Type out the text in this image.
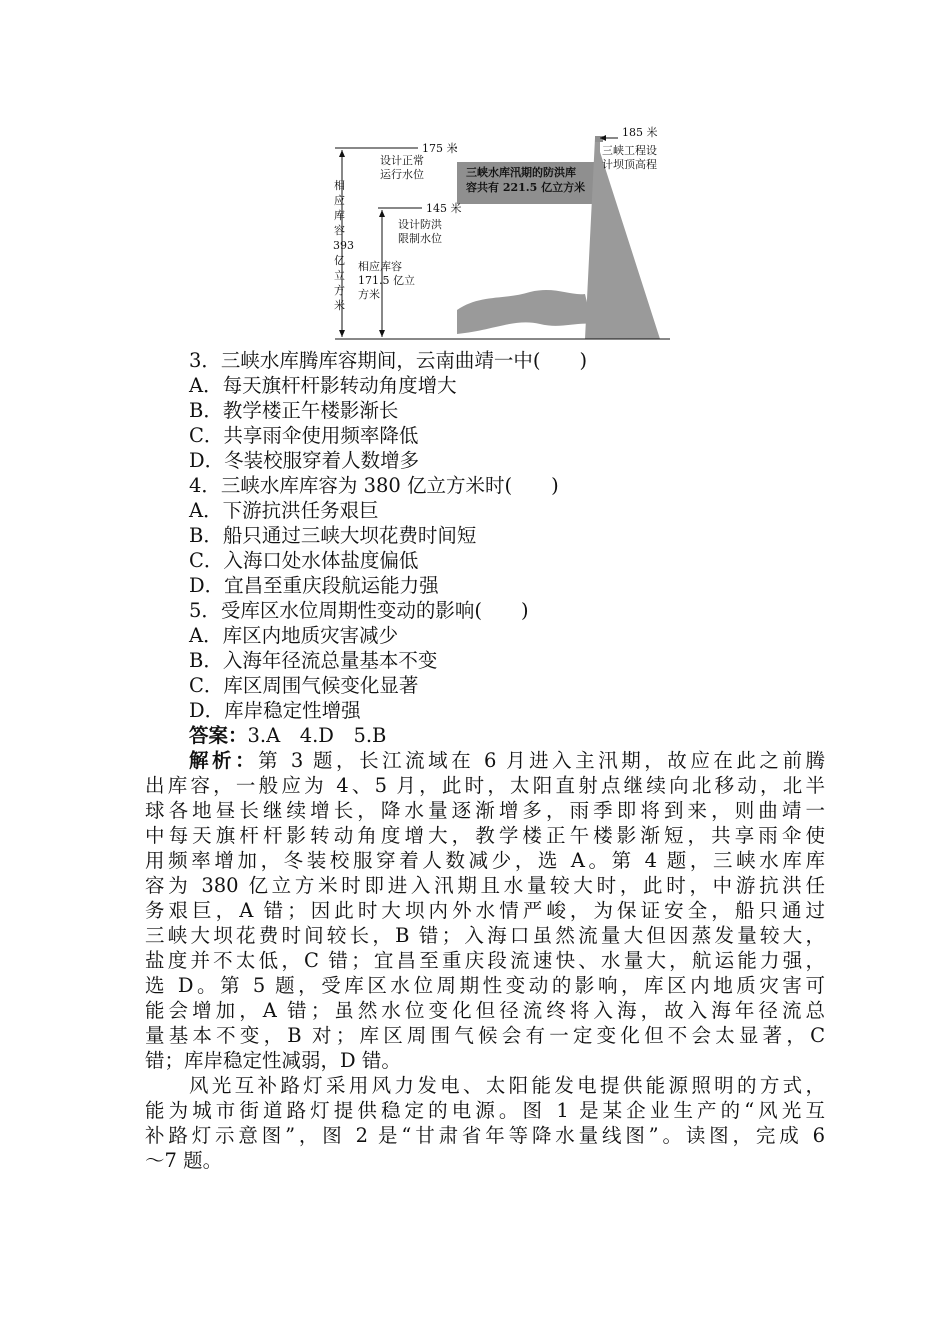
175 米
145 米
185 米
设计正常
运行水位	三峡水库汛期的防洪库
容共有 221.5 亿立方米
三峡工程设
计坝顶高程
设计防洪
限制水位
相应库容
171.5 亿立
方米
相
应
库
容
393
亿
立
方
米
3．三峡水库腾库容期间，云南曲靖一中(　　)
A．每天旗杆杆影转动角度增大
B．教学楼正午楼影渐长
C．共享雨伞使用频率降低
D．冬装校服穿着人数增多
4．三峡水库库容为 380 亿立方米时(　　)
A．下游抗洪任务艰巨
B．船只通过三峡大坝花费时间短
C．入海口处水体盐度偏低
D．宜昌至重庆段航运能力强
5．受库区水位周期性变动的影响(　　)
A．库区内地质灾害减少
B．入海年径流总量基本不变
C．库区周围气候变化显著
D．库岸稳定性增强
答案：3.A　4.D　5.B
解析：第 3 题，长江流域在 6 月进入主汛期，故应在此之前腾
出库容，一般应为 4、5 月，此时，太阳直射点继续向北移动，北半
球各地昼长继续增长，降水量逐渐增多，雨季即将到来，则曲靖一
中每天旗杆杆影转动角度增大，教学楼正午楼影渐短，共享雨伞使
用频率增加，冬装校服穿着人数减少，选 A。第 4 题，三峡水库库
容为 380 亿立方米时即进入汛期且水量较大时，此时，中游抗洪任
务艰巨，A 错；因此时大坝内外水情严峻，为保证安全，船只通过
三峡大坝花费时间较长，B 错；入海口虽然流量大但因蒸发量较大，
盐度并不太低，C 错；宜昌至重庆段流速快、水量大，航运能力强，
选 D。第 5 题，受库区水位周期性变动的影响，库区内地质灾害可
能会增加，A 错；虽然水位变化但径流终将入海，故入海年径流总
量基本不变，B 对；库区周围气候会有一定变化但不会太显著，C
错；库岸稳定性减弱，D 错。
风光互补路灯采用风力发电、太阳能发电提供能源照明的方式，
能为城市街道路灯提供稳定的电源。图 1 是某企业生产的“风光互
补路灯示意图”，图 2 是“甘肃省年等降水量线图”。读图，完成 6
～7 题。
